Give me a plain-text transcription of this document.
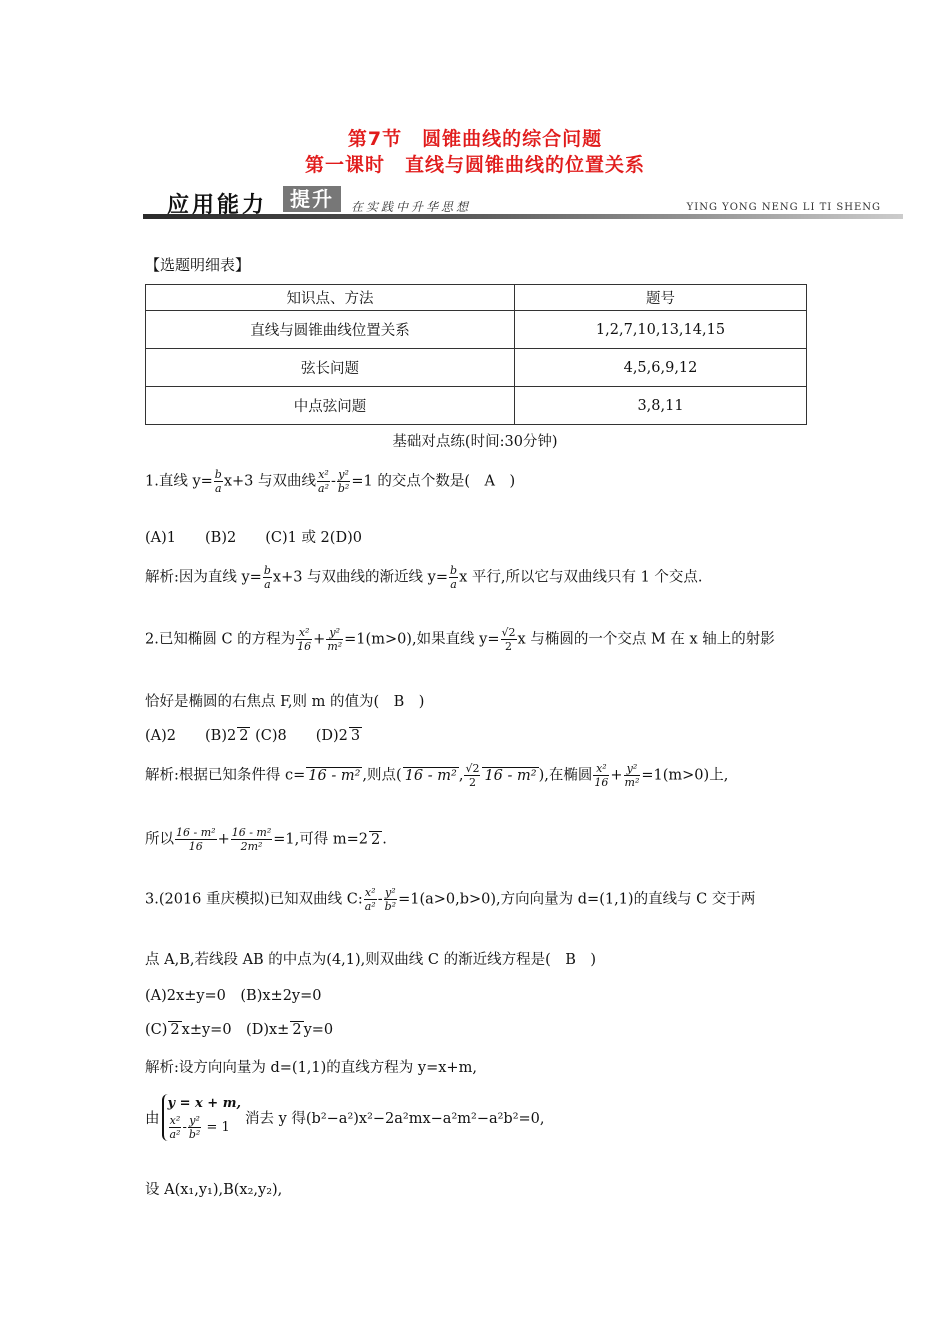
第7节　圆锥曲线的综合问题
第一课时　直线与圆锥曲线的位置关系
应用能力	提升	在实践中升华思想	YING YONG NENG LI TI SHENG
【选题明细表】
知识点、方法	题号
直线与圆锥曲线位置关系	1,2,7,10,13,14,15
弦长问题	4,5,6,9,12
中点弦问题	3,8,11
基础对点练(时间:30分钟)
1.直线 $y= \frac{b}{a} x+3$ 与双曲线 $\frac{\text{x²}}{\text{a²}} - \frac{\text{y²}}{\text{b²}} =1$ 的交点个数是(　A　)
(A)1　　(B)2　　(C)1 或 2(D)0
解析:因为直线 $y= \frac{b}{a} x+3$ 与双曲线的渐近线 $y= \frac{b}{a}$ x 平行,所以它与双曲线只有 1 个交点.
2.已知椭圆 C 的方程为 $\frac{\text{x²}}{16} + \frac{\text{y²}}{\text{m²}} =1(m>0)$,如果直线 $y= \frac{√2}{2}$ x 与椭圆的一个交点 M 在 x 轴上的射影
恰好是椭圆的右焦点 F,则 m 的值为(　B　)
(A)2　　(B)2 2 (C)8　　(D)2 3
解析:根据已知条件得 c= 16 - m² ,则点( 16 - m² , $\frac{√2}{2} 16 - m^2$ ),在椭圆 $\frac{\text{x²}}{16} + \frac{\text{y²}}{\text{m²}} =1(m>0)$上,
所以 $\frac{\text{16 - m²}}{16} + \frac{\text{16 - m²}}{\text{2m²}} =1$,可得 m=2 2 .
3.(2016 重庆模拟)已知双曲线 C: $\frac{\text{x²}}{\text{a²}} - \frac{\text{y²}}{\text{b²}} =1(a>0,b>0)$,方向向量为 d=(1,1)的直线与 C 交于两
点 A,B,若线段 AB 的中点为(4,1),则双曲线 C 的渐近线方程是(　B　)
(A)2x±y=0　(B)x±2y=0
(C) 2 x±y=0　(D)x± 2 y=0
解析:设方向向量为 d=(1,1)的直线方程为 y=x+m,
由
y = x + m,
$\frac{\text{x²}}{\text{a²}} - \frac{\text{y²}}{\text{b²}} = 1$
消去 y 得(b²−a²)x²−2a²mx−a²m²−a²b²=0,
设 A(x₁,y₁),B(x₂,y₂),
